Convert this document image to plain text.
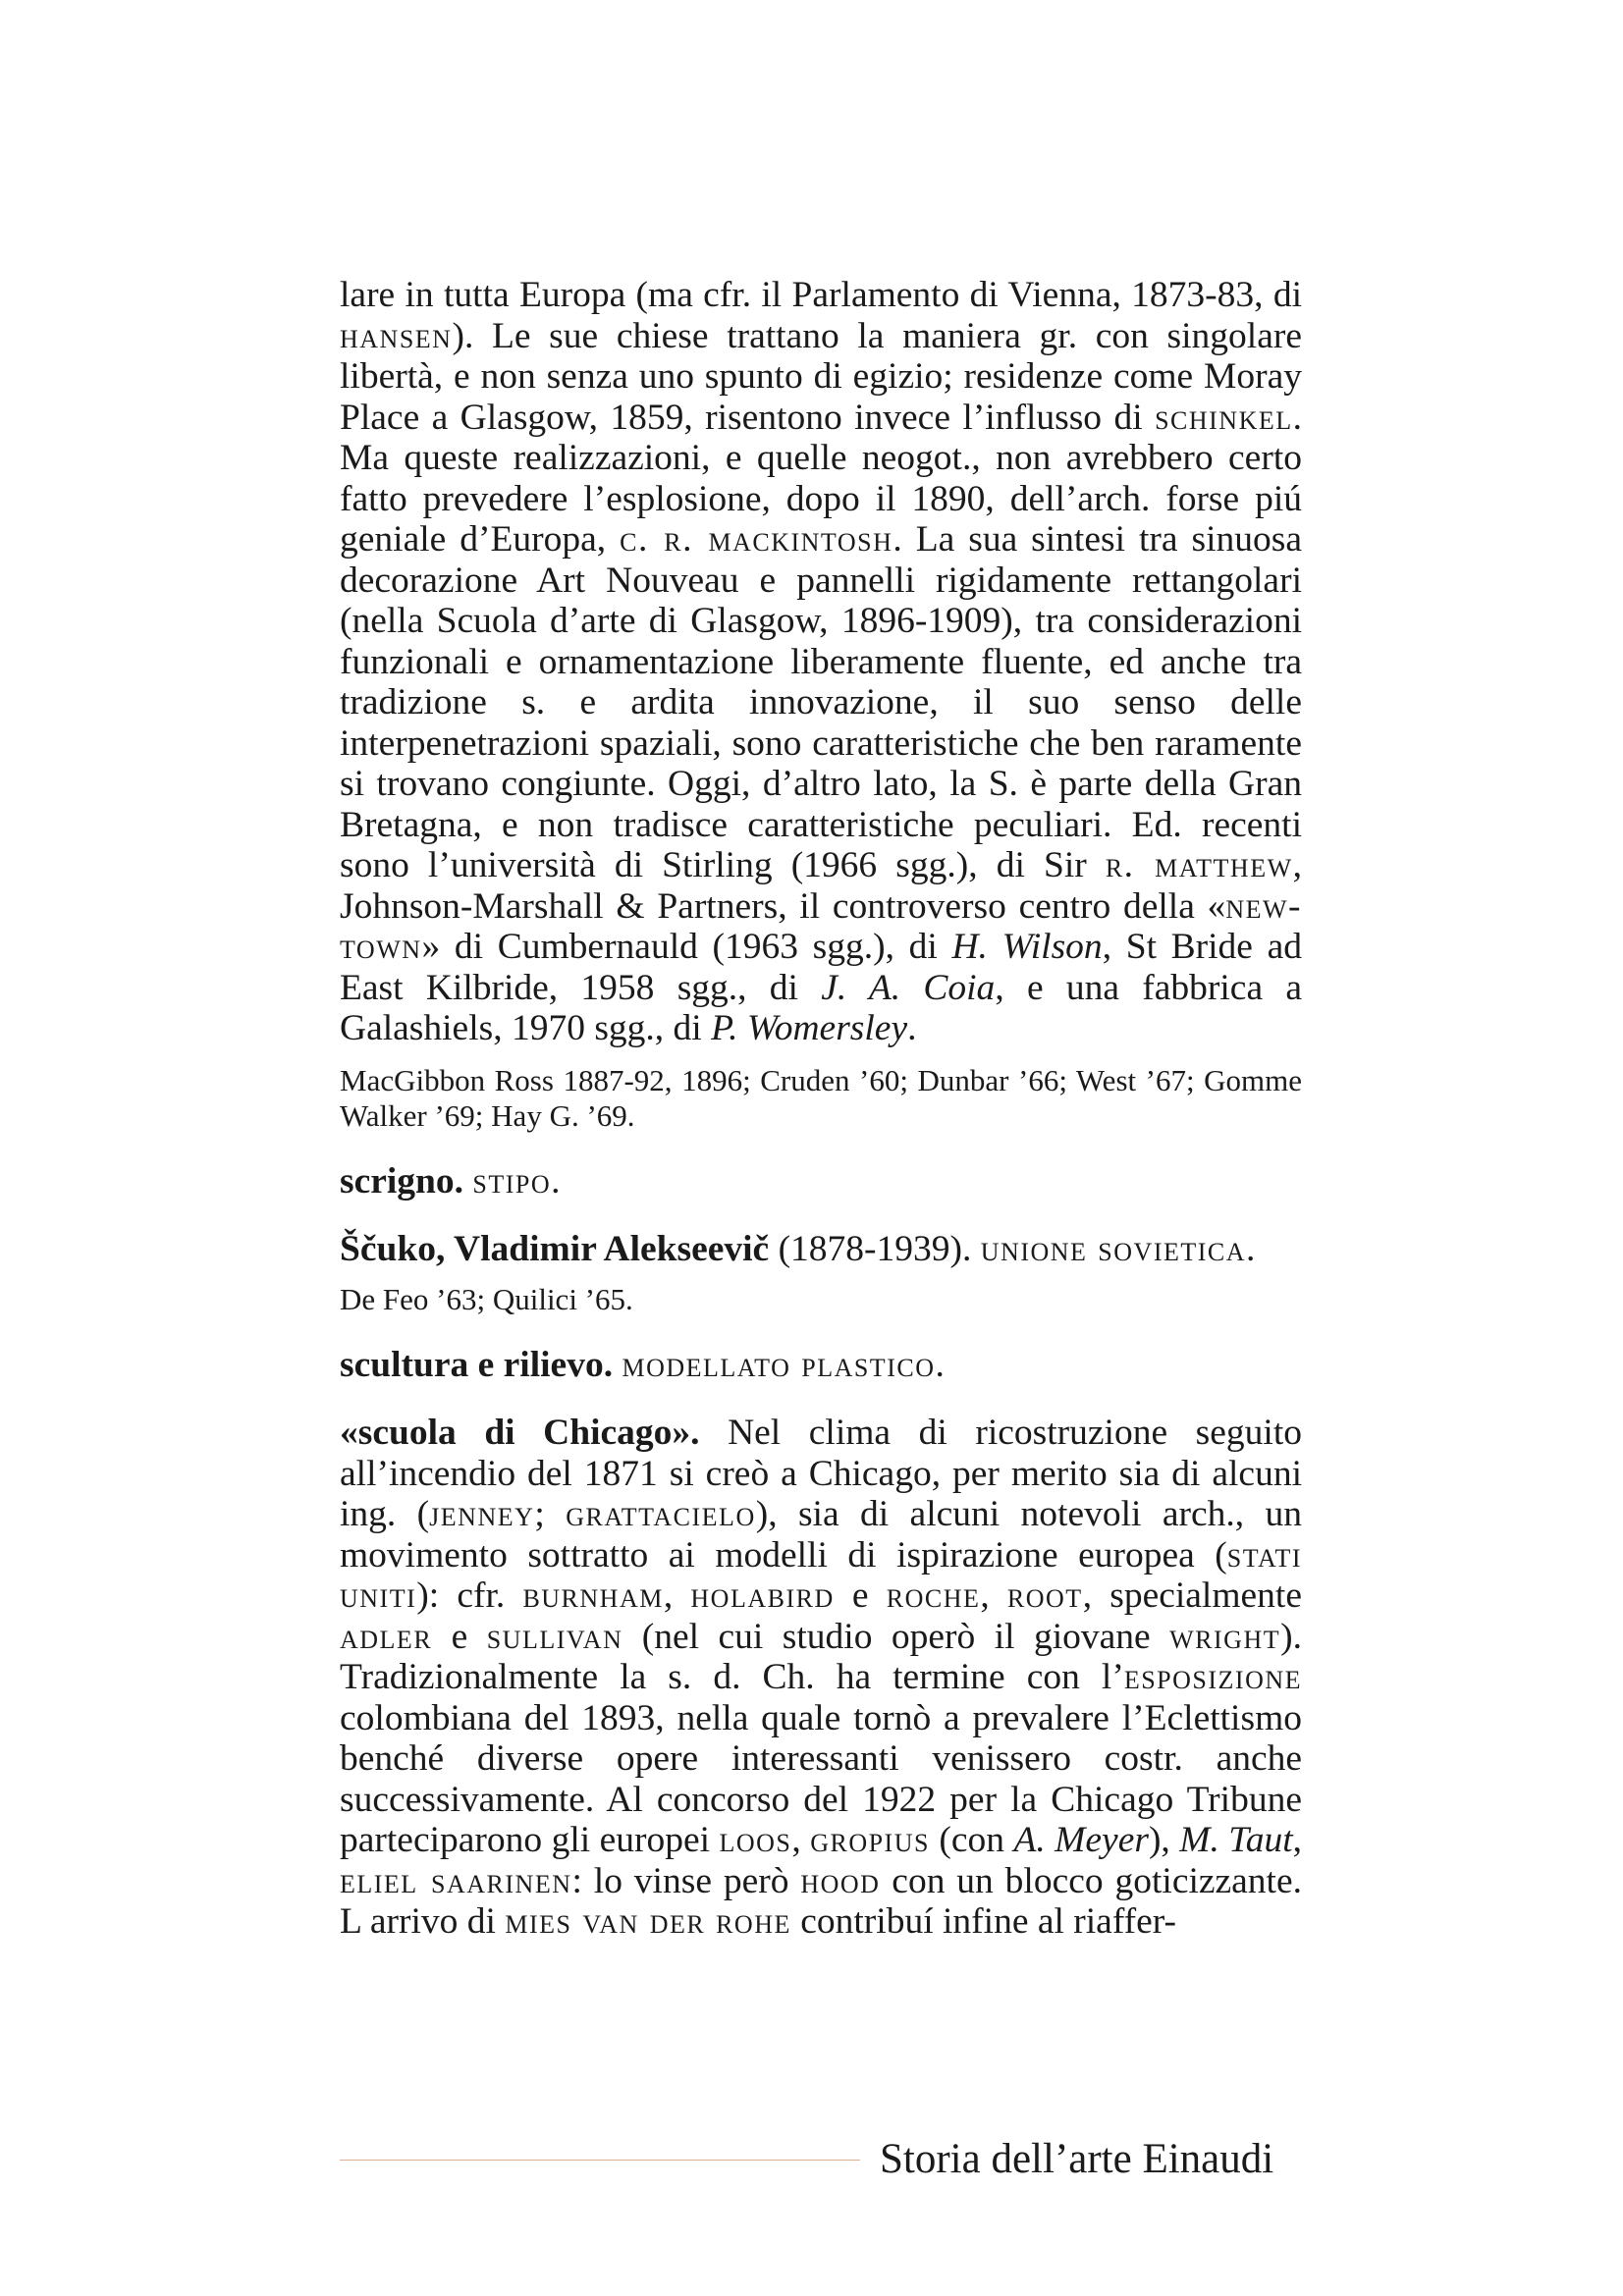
lare in tutta Europa (ma cfr. il Parlamento di Vienna, 1873-83, di hansen). Le sue chiese trattano la maniera gr. con singolare libertà, e non senza uno spunto di egizio; residenze come Moray Place a Glasgow, 1859, risentono invece l’influsso di schinkel. Ma queste realizzazioni, e quelle neogot., non avrebbero certo fatto prevedere l’esplosione, dopo il 1890, dell’arch. forse piú geniale d’Europa, c. r. mackintosh. La sua sintesi tra sinuosa decorazione Art Nouveau e pannelli rigidamente rettangolari (nella Scuola d’arte di Glasgow, 1896-1909), tra considerazioni funzionali e ornamentazione liberamente fluente, ed anche tra tradizione s. e ardita innovazione, il suo senso delle interpenetrazioni spaziali, sono caratteristiche che ben raramente si trovano congiunte. Oggi, d’altro lato, la S. è parte della Gran Bretagna, e non tradisce caratteristiche peculiari. Ed. recenti sono l’università di Stirling (1966 sgg.), di Sir r. matthew, Johnson-Marshall & Partners, il controverso centro della «new-town» di Cumbernauld (1963 sgg.), di H. Wilson, St Bride ad East Kilbride, 1958 sgg., di J. A. Coia, e una fabbrica a Galashiels, 1970 sgg., di P. Womersley.

MacGibbon Ross 1887-92, 1896; Cruden ’60; Dunbar ’66; West ’67; Gomme Walker ’69; Hay G. ’69.

scrigno. stipo.

Ščuko, Vladimir Alekseevič (1878-1939). unione sovietica.

De Feo ’63; Quilici ’65.

scultura e rilievo. modellato plastico.

«scuola di Chicago». Nel clima di ricostruzione seguito all’incendio del 1871 si creò a Chicago, per merito sia di alcuni ing. (jenney; grattacielo), sia di alcuni notevoli arch., un movimento sottratto ai modelli di ispirazione europea (stati uniti): cfr. burnham, holabird e roche, root, specialmente adler e sullivan (nel cui studio operò il giovane wright). Tradizionalmente la s. d. Ch. ha termine con l’esposizione colombiana del 1893, nella quale tornò a prevalere l’Eclettismo benché diverse opere interessanti venissero costr. anche successivamente. Al concorso del 1922 per la Chicago Tribune parteciparono gli europei loos, gropius (con A. Meyer), M. Taut, eliel saarinen: lo vinse però hood con un blocco goticizzante. L arrivo di mies van der rohe contribuí infine al riaffer-

Storia dell’arte Einaudi
